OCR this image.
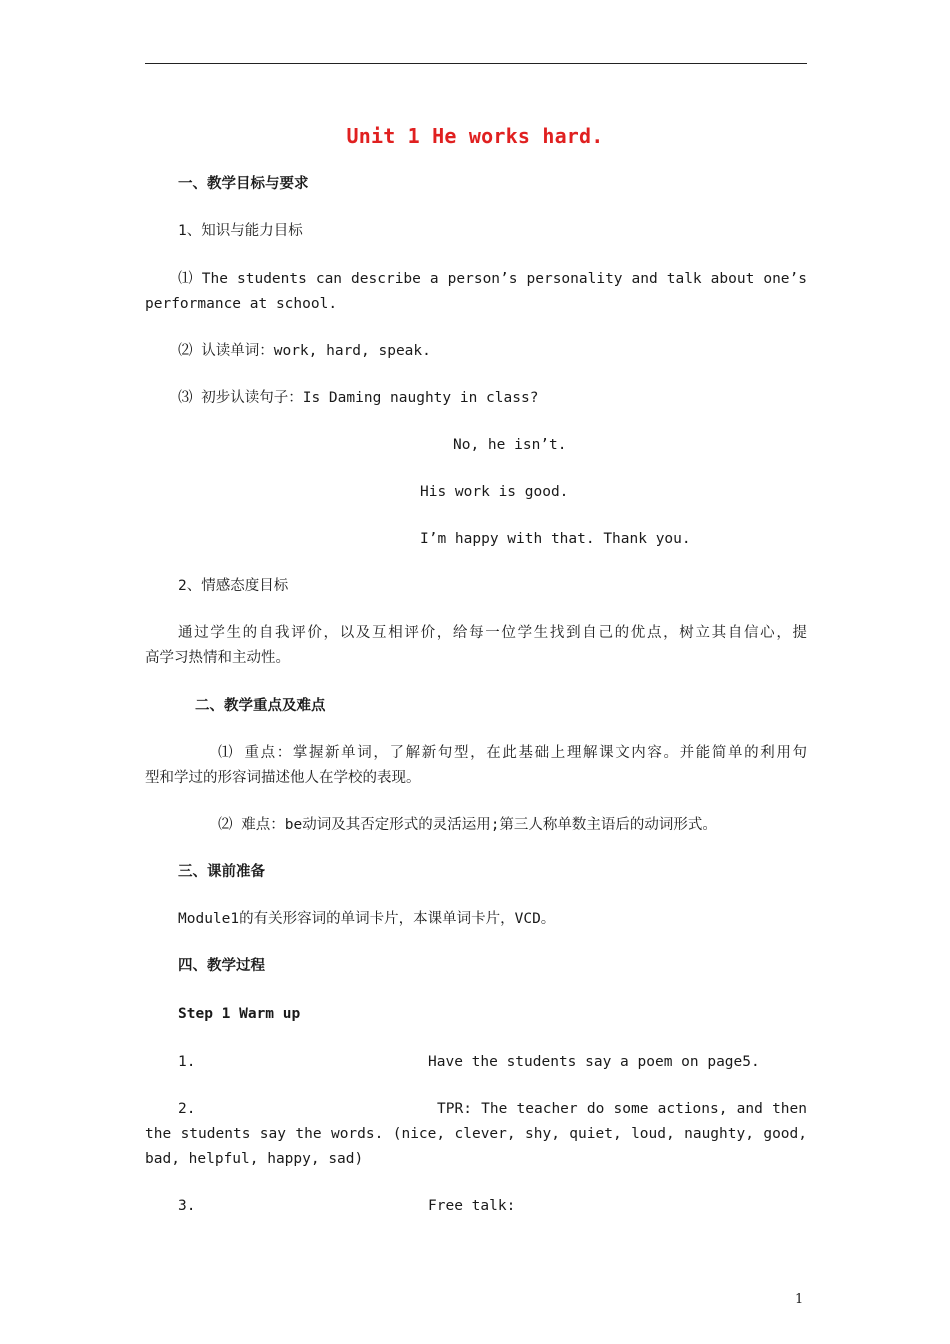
Unit 1 He works hard.
一、教学目标与要求
1、知识与能力目标
⑴ The students can describe a person’s personality and talk about one’s
performance at school.
⑵ 认读单词：work, hard, speak.
⑶ 初步认读句子：Is Daming naughty in class?
No, he isn’t.
His work is good.
I’m happy with that. Thank you.
2、情感态度目标
通过学生的自我评价，以及互相评价，给每一位学生找到自己的优点，树立其自信心，提
高学习热情和主动性。
二、教学重点及难点
⑴ 重点：掌握新单词，了解新句型，在此基础上理解课文内容。并能简单的利用句
型和学过的形容词描述他人在学校的表现。
⑵ 难点：be动词及其否定形式的灵活运用;第三人称单数主语后的动词形式。
三、课前准备
Module1的有关形容词的单词卡片，本课单词卡片，VCD。
四、教学过程
Step 1 Warm up
1.	Have the students say a poem on page5.
2.	TPR: The teacher do some actions, and then
the students say the words. (nice, clever, shy, quiet, loud, naughty, good,
bad, helpful, happy, sad)
3.	Free talk:
1
